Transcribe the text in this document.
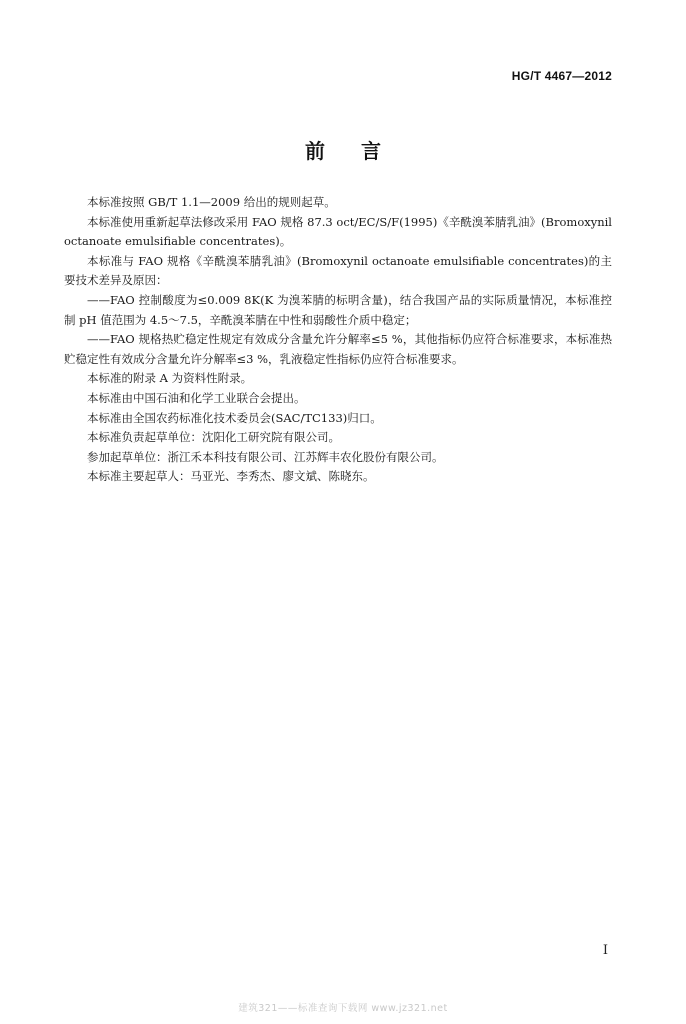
HG/T 4467—2012
前言

本标准按照 GB/T 1.1—2009 给出的规则起草。

本标准使用重新起草法修改采用 FAO 规格 87.3 oct/EC/S/F(1995)《辛酰溴苯腈乳油》(Bromoxynil octanoate emulsifiable concentrates)。

本标准与 FAO 规格《辛酰溴苯腈乳油》(Bromoxynil octanoate emulsifiable concentrates)的主要技术差异及原因：

——FAO 控制酸度为≤0.009 8K(K 为溴苯腈的标明含量)，结合我国产品的实际质量情况，本标准控制 pH 值范围为 4.5～7.5，辛酰溴苯腈在中性和弱酸性介质中稳定；

——FAO 规格热贮稳定性规定有效成分含量允许分解率≤5 %，其他指标仍应符合标准要求，本标准热贮稳定性有效成分含量允许分解率≤3 %，乳液稳定性指标仍应符合标准要求。

本标准的附录 A 为资料性附录。

本标准由中国石油和化学工业联合会提出。

本标准由全国农药标准化技术委员会(SAC/TC133)归口。

本标准负责起草单位：沈阳化工研究院有限公司。

参加起草单位：浙江禾本科技有限公司、江苏辉丰农化股份有限公司。

本标准主要起草人：马亚光、李秀杰、廖文斌、陈晓东。

I
建筑321——标准查询下载网 www.jz321.net
